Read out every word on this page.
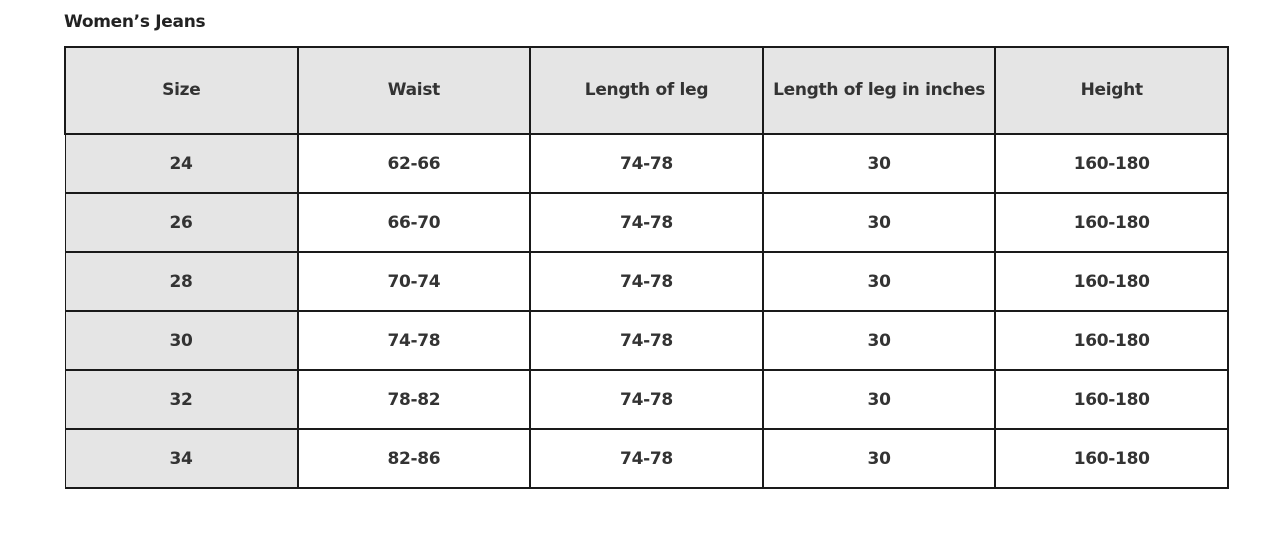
Women’s Jeans
Size	Waist	Length of leg	Length of leg in inches	Height
24	62-66	74-78	30	160-180
26	66-70	74-78	30	160-180
28	70-74	74-78	30	160-180
30	74-78	74-78	30	160-180
32	78-82	74-78	30	160-180
34	82-86	74-78	30	160-180
